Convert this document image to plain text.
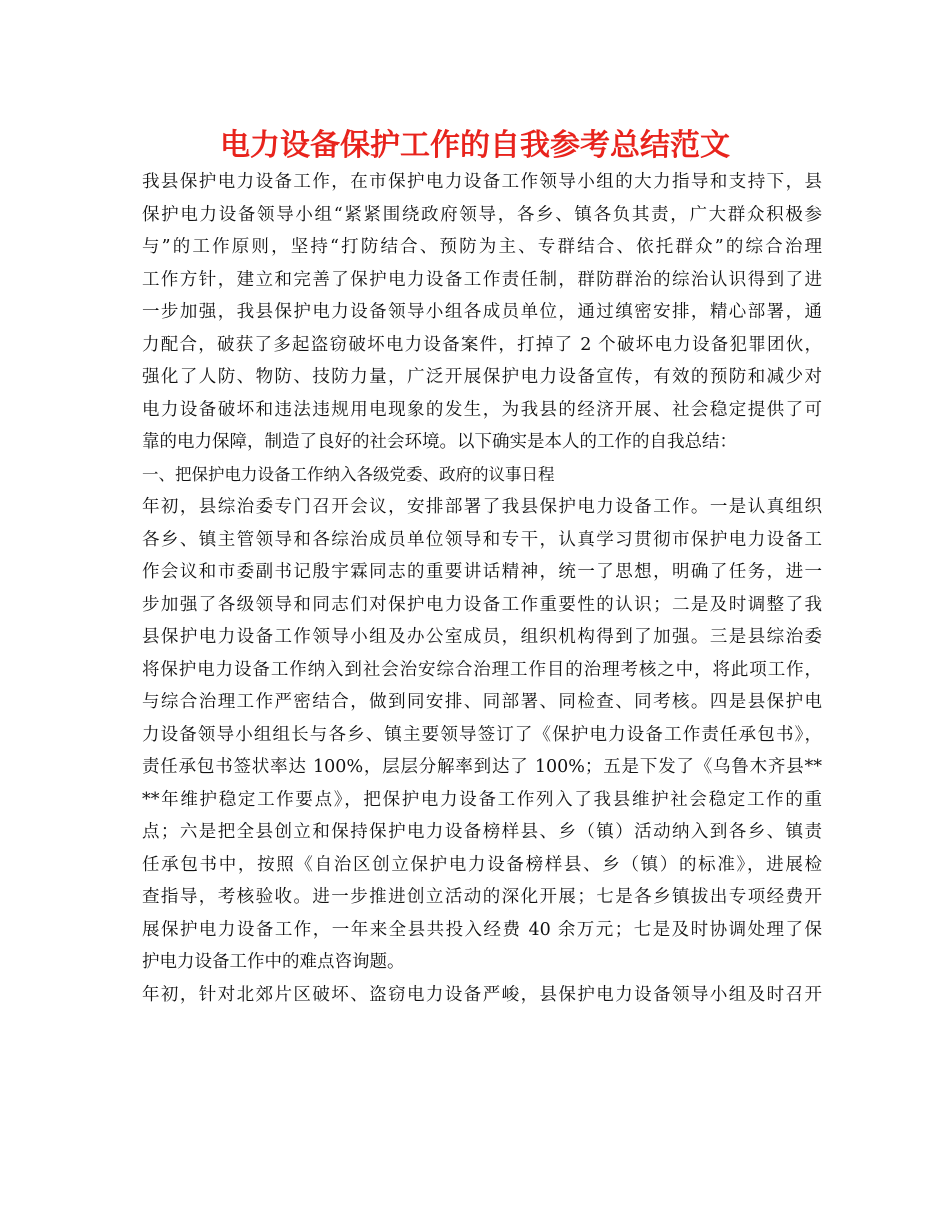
电力设备保护工作的自我参考总结范文
我县保护电力设备工作，在市保护电力设备工作领导小组的大力指导和支持下，县
保护电力设备领导小组“紧紧围绕政府领导，各乡、镇各负其责，广大群众积极参
与”的工作原则，坚持“打防结合、预防为主、专群结合、依托群众”的综合治理
工作方针，建立和完善了保护电力设备工作责任制，群防群治的综治认识得到了进
一步加强，我县保护电力设备领导小组各成员单位，通过缜密安排，精心部署，通
力配合，破获了多起盗窃破坏电力设备案件，打掉了 2 个破坏电力设备犯罪团伙，
强化了人防、物防、技防力量，广泛开展保护电力设备宣传，有效的预防和减少对
电力设备破坏和违法违规用电现象的发生，为我县的经济开展、社会稳定提供了可
靠的电力保障，制造了良好的社会环境。以下确实是本人的工作的自我总结：
一、把保护电力设备工作纳入各级党委、政府的议事日程
年初，县综治委专门召开会议，安排部署了我县保护电力设备工作。一是认真组织
各乡、镇主管领导和各综治成员单位领导和专干，认真学习贯彻市保护电力设备工
作会议和市委副书记殷宇霖同志的重要讲话精神，统一了思想，明确了任务，进一
步加强了各级领导和同志们对保护电力设备工作重要性的认识；二是及时调整了我
县保护电力设备工作领导小组及办公室成员，组织机构得到了加强。三是县综治委
将保护电力设备工作纳入到社会治安综合治理工作目的治理考核之中，将此项工作，
与综合治理工作严密结合，做到同安排、同部署、同检查、同考核。四是县保护电
力设备领导小组组长与各乡、镇主要领导签订了《保护电力设备工作责任承包书》，
责任承包书签状率达 100%，层层分解率到达了 100%；五是下发了《乌鲁木齐县**
**年维护稳定工作要点》，把保护电力设备工作列入了我县维护社会稳定工作的重
点；六是把全县创立和保持保护电力设备榜样县、乡（镇）活动纳入到各乡、镇责
任承包书中，按照《自治区创立保护电力设备榜样县、乡（镇）的标准》，进展检
查指导，考核验收。进一步推进创立活动的深化开展；七是各乡镇拔出专项经费开
展保护电力设备工作，一年来全县共投入经费 40 余万元；七是及时协调处理了保
护电力设备工作中的难点咨询题。
年初，针对北郊片区破坏、盗窃电力设备严峻，县保护电力设备领导小组及时召开
